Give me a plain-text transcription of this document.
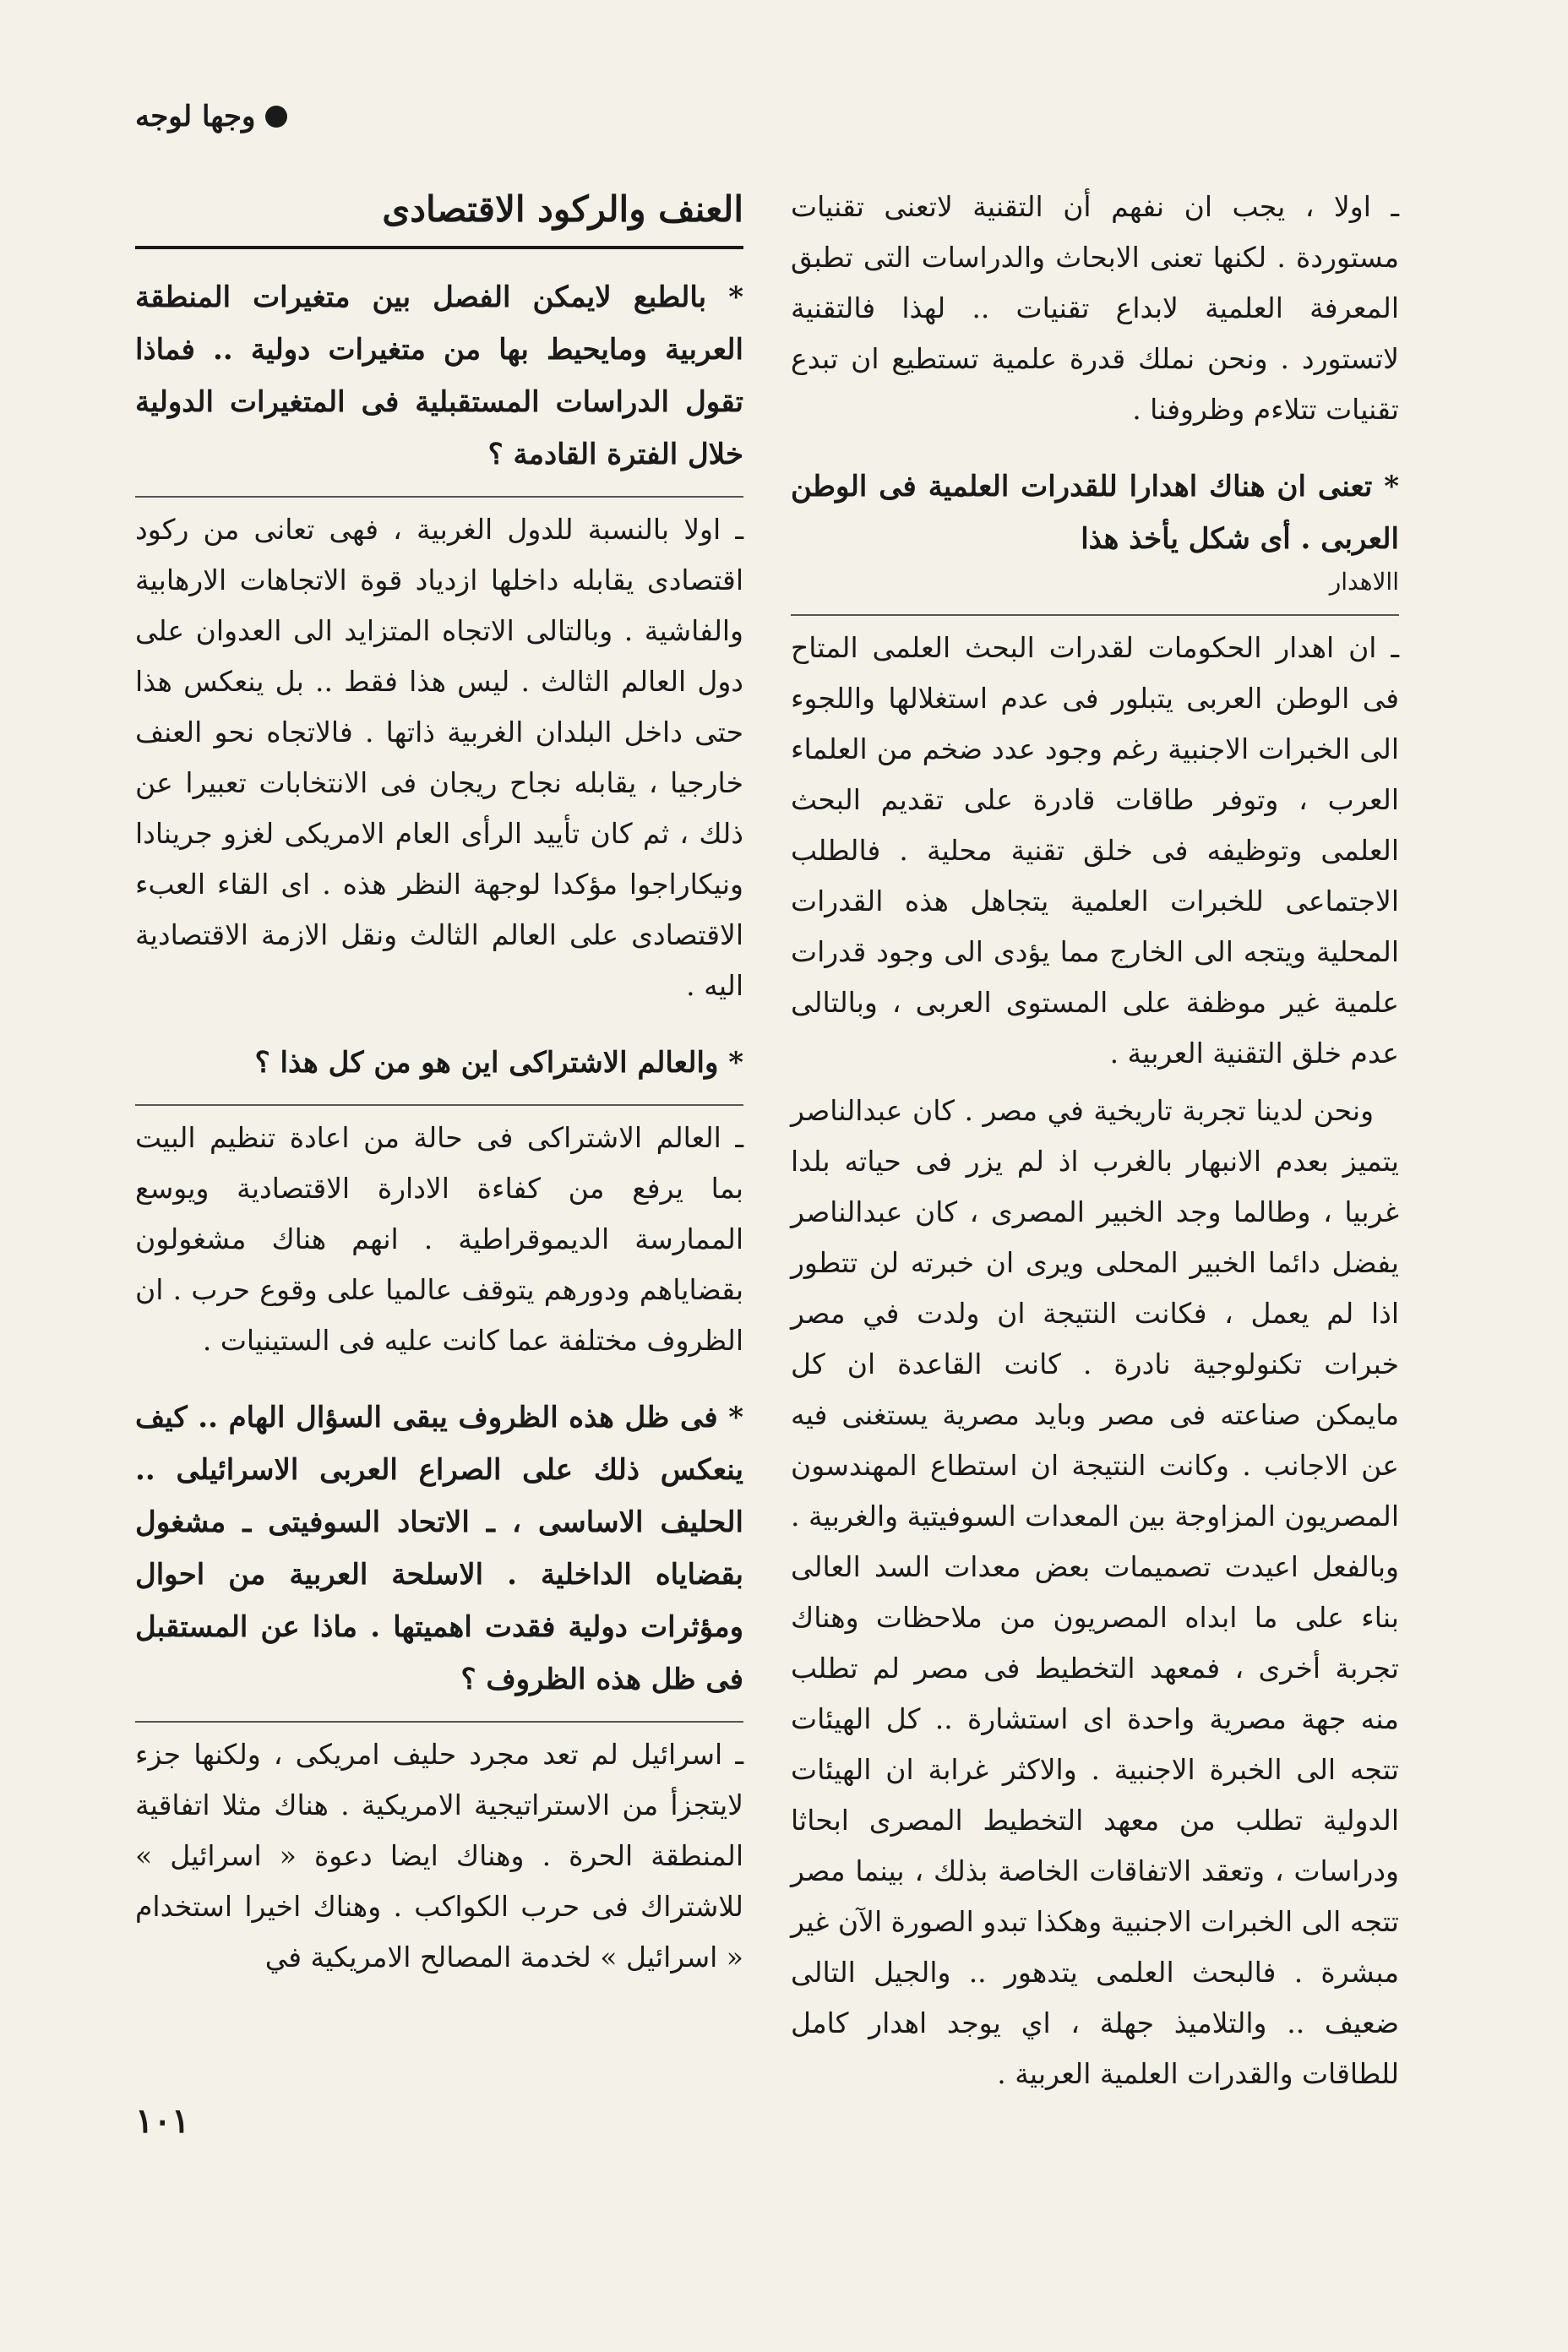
وجها لوجه

ـ اولا ، يجب ان نفهم أن التقنية لاتعنى تقنيات مستوردة . لكنها تعنى الابحاث والدراسات التى تطبق المعرفة العلمية لابداع تقنيات .. لهذا فالتقنية لاتستورد . ونحن نملك قدرة علمية تستطيع ان تبدع تقنيات تتلاءم وظروفنا .

* تعنى ان هناك اهدارا للقدرات العلمية فى الوطن العربى . أى شكل يأخذ هذا
االاهدار

ـ ان اهدار الحكومات لقدرات البحث العلمى المتاح فى الوطن العربى يتبلور فى عدم استغلالها واللجوء الى الخبرات الاجنبية رغم وجود عدد ضخم من العلماء العرب ، وتوفر طاقات قادرة على تقديم البحث العلمى وتوظيفه فى خلق تقنية محلية . فالطلب الاجتماعى للخبرات العلمية يتجاهل هذه القدرات المحلية ويتجه الى الخارج مما يؤدى الى وجود قدرات علمية غير موظفة على المستوى العربى ، وبالتالى عدم خلق التقنية العربية .

ونحن لدينا تجربة تاريخية في مصر . كان عبدالناصر يتميز بعدم الانبهار بالغرب اذ لم يزر فى حياته بلدا غربيا ، وطالما وجد الخبير المصرى ، كان عبدالناصر يفضل دائما الخبير المحلى ويرى ان خبرته لن تتطور اذا لم يعمل ، فكانت النتيجة ان ولدت في مصر خبرات تكنولوجية نادرة . كانت القاعدة ان كل مايمكن صناعته فى مصر وبايد مصرية يستغنى فيه عن الاجانب . وكانت النتيجة ان استطاع المهندسون المصريون المزاوجة بين المعدات السوفيتية والغربية . وبالفعل اعيدت تصميمات بعض معدات السد العالى بناء على ما ابداه المصريون من ملاحظات وهناك تجربة أخرى ، فمعهد التخطيط فى مصر لم تطلب منه جهة مصرية واحدة اى استشارة .. كل الهيئات تتجه الى الخبرة الاجنبية . والاكثر غرابة ان الهيئات الدولية تطلب من معهد التخطيط المصرى ابحاثا ودراسات ، وتعقد الاتفاقات الخاصة بذلك ، بينما مصر تتجه الى الخبرات الاجنبية وهكذا تبدو الصورة الآن غير مبشرة . فالبحث العلمى يتدهور .. والجيل التالى ضعيف .. والتلاميذ جهلة ، اي يوجد اهدار كامل للطاقات والقدرات العلمية العربية .

العنف والركود الاقتصادى

* بالطبع لايمكن الفصل بين متغيرات المنطقة العربية ومايحيط بها من متغيرات دولية .. فماذا تقول الدراسات المستقبلية فى المتغيرات الدولية خلال الفترة القادمة ؟

ـ اولا بالنسبة للدول الغربية ، فهى تعانى من ركود اقتصادى يقابله داخلها ازدياد قوة الاتجاهات الارهابية والفاشية . وبالتالى الاتجاه المتزايد الى العدوان على دول العالم الثالث . ليس هذا فقط .. بل ينعكس هذا حتى داخل البلدان الغربية ذاتها . فالاتجاه نحو العنف خارجيا ، يقابله نجاح ريجان فى الانتخابات تعبيرا عن ذلك ، ثم كان تأييد الرأى العام الامريكى لغزو جرينادا ونيكاراجوا مؤكدا لوجهة النظر هذه . اى القاء العبء الاقتصادى على العالم الثالث ونقل الازمة الاقتصادية اليه .

* والعالم الاشتراكى اين هو من كل هذا ؟

ـ العالم الاشتراكى فى حالة من اعادة تنظيم البيت بما يرفع من كفاءة الادارة الاقتصادية ويوسع الممارسة الديموقراطية . انهم هناك مشغولون بقضاياهم ودورهم يتوقف عالميا على وقوع حرب . ان الظروف مختلفة عما كانت عليه فى الستينيات .

* فى ظل هذه الظروف يبقى السؤال الهام .. كيف ينعكس ذلك على الصراع العربى الاسرائيلى .. الحليف الاساسى ، ـ الاتحاد السوفيتى ـ مشغول بقضاياه الداخلية . الاسلحة العربية من احوال ومؤثرات دولية فقدت اهميتها . ماذا عن المستقبل فى ظل هذه الظروف ؟

ـ اسرائيل لم تعد مجرد حليف امريكى ، ولكنها جزء لايتجزأ من الاستراتيجية الامريكية . هناك مثلا اتفاقية المنطقة الحرة . وهناك ايضا دعوة « اسرائيل » للاشتراك فى حرب الكواكب . وهناك اخيرا استخدام « اسرائيل » لخدمة المصالح الامريكية في

١٠١
